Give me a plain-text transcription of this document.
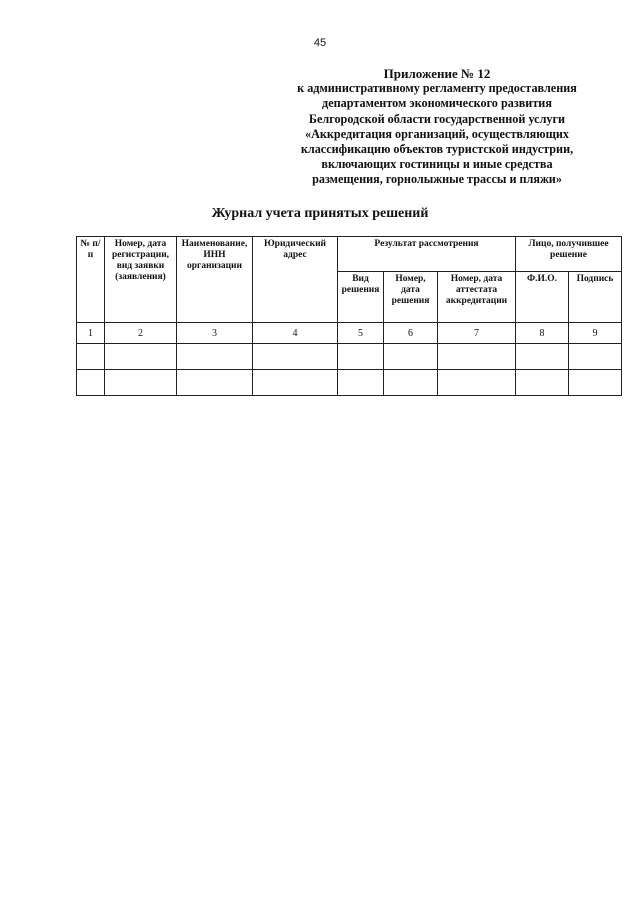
45
Приложение № 12
к административному регламенту предоставления
департаментом экономического развития
Белгородской области государственной услуги
«Аккредитация организаций, осуществляющих
классификацию объектов туристской индустрии,
включающих гостиницы и иные средства
размещения, горнолыжные трассы и пляжи»
Журнал учета принятых решений
№ п/п	Номер, дата регистрации, вид заявки (заявления)	Наименование, ИНН организации	Юридический адрес	Результат рассмотрения			Лицо, получившее решение	
				Вид решения	Номер, дата решения	Номер, дата аттестата аккредитации	Ф.И.О.	Подпись
1	2	3	4	5	6	7	8	9
